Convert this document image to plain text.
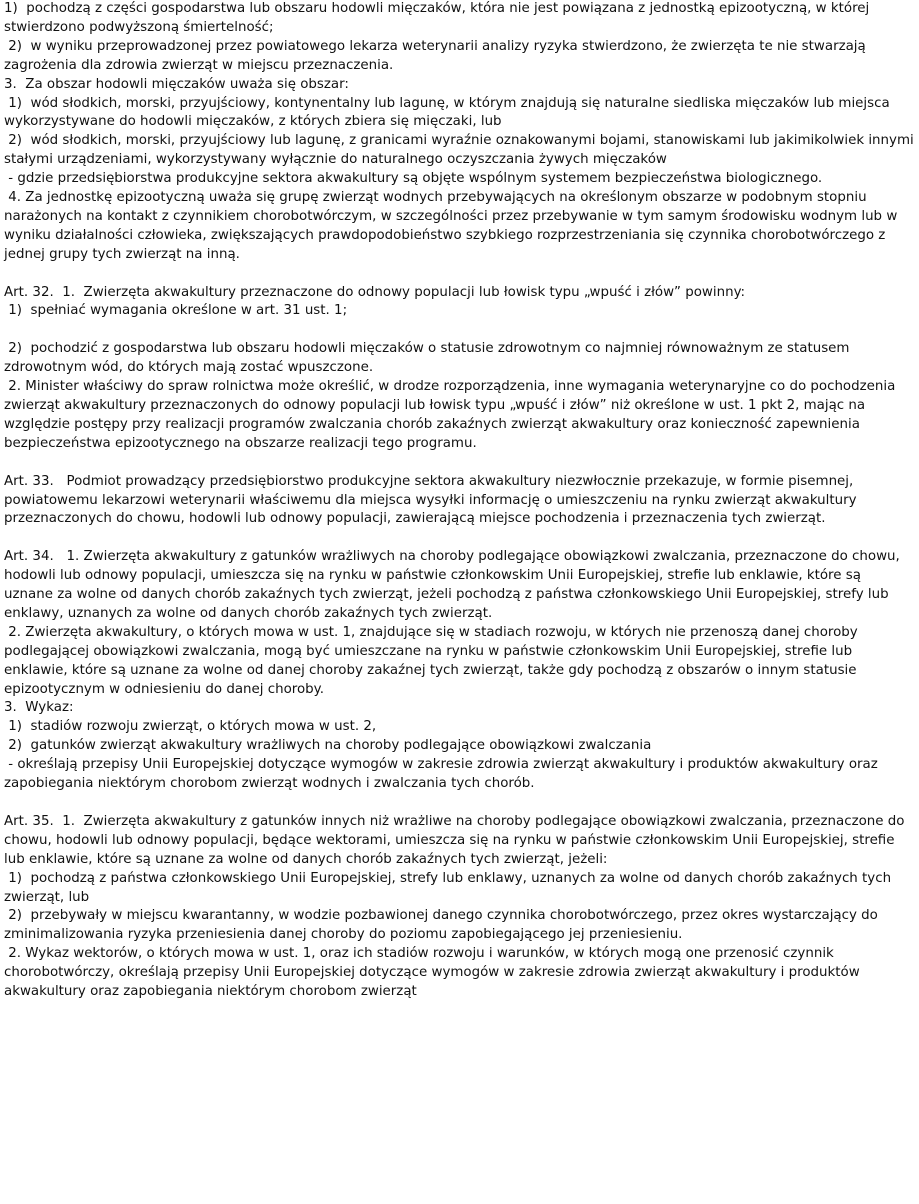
1)  pochodzą z części gospodarstwa lub obszaru hodowli mięczaków, która nie jest powiązana z jednostką epizootyczną, w której stwierdzono podwyższoną śmiertelność;

2)  w wyniku przeprowadzonej przez powiatowego lekarza weterynarii analizy ryzyka stwierdzono, że zwierzęta te nie stwarzają zagrożenia dla zdrowia zwierząt w miejscu przeznaczenia.

3.  Za obszar hodowli mięczaków uważa się obszar:

1)  wód słodkich, morski, przyujściowy, kontynentalny lub lagunę, w którym znajdują się naturalne siedliska mięczaków lub miejsca wykorzystywane do hodowli mięczaków, z których zbiera się mięczaki, lub

2)  wód słodkich, morski, przyujściowy lub lagunę, z granicami wyraźnie oznakowanymi bojami, stanowiskami lub jakimikolwiek innymi stałymi urządzeniami, wykorzystywany wyłącznie do naturalnego oczyszczania żywych mięczaków

- gdzie przedsiębiorstwa produkcyjne sektora akwakultury są objęte wspólnym systemem bezpieczeństwa biologicznego.

4. Za jednostkę epizootyczną uważa się grupę zwierząt wodnych przebywających na określonym obszarze w podobnym stopniu narażonych na kontakt z czynnikiem chorobotwórczym, w szczególności przez przebywanie w tym samym środowisku wodnym lub w wyniku działalności człowieka, zwiększających prawdopodobieństwo szybkiego rozprzestrzeniania się czynnika chorobotwórczego z jednej grupy tych zwierząt na inną.

Art. 32.  1.  Zwierzęta akwakultury przeznaczone do odnowy populacji lub łowisk typu „wpuść i złów” powinny:

1)  spełniać wymagania określone w art. 31 ust. 1;

2)  pochodzić z gospodarstwa lub obszaru hodowli mięczaków o statusie zdrowotnym co najmniej równoważnym ze statusem zdrowotnym wód, do których mają zostać wpuszczone.

2. Minister właściwy do spraw rolnictwa może określić, w drodze rozporządzenia, inne wymagania weterynaryjne co do pochodzenia zwierząt akwakultury przeznaczonych do odnowy populacji lub łowisk typu „wpuść i złów” niż określone w ust. 1 pkt 2, mając na względzie postępy przy realizacji programów zwalczania chorób zakaźnych zwierząt akwakultury oraz konieczność zapewnienia bezpieczeństwa epizootycznego na obszarze realizacji tego programu.

Art. 33.   Podmiot prowadzący przedsiębiorstwo produkcyjne sektora akwakultury niezwłocznie przekazuje, w formie pisemnej, powiatowemu lekarzowi weterynarii właściwemu dla miejsca wysyłki informację o umieszczeniu na rynku zwierząt akwakultury przeznaczonych do chowu, hodowli lub odnowy populacji, zawierającą miejsce pochodzenia i przeznaczenia tych zwierząt.

Art. 34.   1. Zwierzęta akwakultury z gatunków wrażliwych na choroby podlegające obowiązkowi zwalczania, przeznaczone do chowu, hodowli lub odnowy populacji, umieszcza się na rynku w państwie członkowskim Unii Europejskiej, strefie lub enklawie, które są uznane za wolne od danych chorób zakaźnych tych zwierząt, jeżeli pochodzą z państwa członkowskiego Unii Europejskiej, strefy lub enklawy, uznanych za wolne od danych chorób zakaźnych tych zwierząt.

2. Zwierzęta akwakultury, o których mowa w ust. 1, znajdujące się w stadiach rozwoju, w których nie przenoszą danej choroby podlegającej obowiązkowi zwalczania, mogą być umieszczane na rynku w państwie członkowskim Unii Europejskiej, strefie lub enklawie, które są uznane za wolne od danej choroby zakaźnej tych zwierząt, także gdy pochodzą z obszarów o innym statusie epizootycznym w odniesieniu do danej choroby.

3.  Wykaz:

1)  stadiów rozwoju zwierząt, o których mowa w ust. 2,

2)  gatunków zwierząt akwakultury wrażliwych na choroby podlegające obowiązkowi zwalczania

- określają przepisy Unii Europejskiej dotyczące wymogów w zakresie zdrowia zwierząt akwakultury i produktów akwakultury oraz zapobiegania niektórym chorobom zwierząt wodnych i zwalczania tych chorób.

Art. 35.  1.  Zwierzęta akwakultury z gatunków innych niż wrażliwe na choroby podlegające obowiązkowi zwalczania, przeznaczone do chowu, hodowli lub odnowy populacji, będące wektorami, umieszcza się na rynku w państwie członkowskim Unii Europejskiej, strefie lub enklawie, które są uznane za wolne od danych chorób zakaźnych tych zwierząt, jeżeli:

1)  pochodzą z państwa członkowskiego Unii Europejskiej, strefy lub enklawy, uznanych za wolne od danych chorób zakaźnych tych zwierząt, lub

2)  przebywały w miejscu kwarantanny, w wodzie pozbawionej danego czynnika chorobotwórczego, przez okres wystarczający do zminimalizowania ryzyka przeniesienia danej choroby do poziomu zapobiegającego jej przeniesieniu.

2. Wykaz wektorów, o których mowa w ust. 1, oraz ich stadiów rozwoju i warunków, w których mogą one przenosić czynnik chorobotwórczy, określają przepisy Unii Europejskiej dotyczące wymogów w zakresie zdrowia zwierząt akwakultury i produktów akwakultury oraz zapobiegania niektórym chorobom zwierząt
